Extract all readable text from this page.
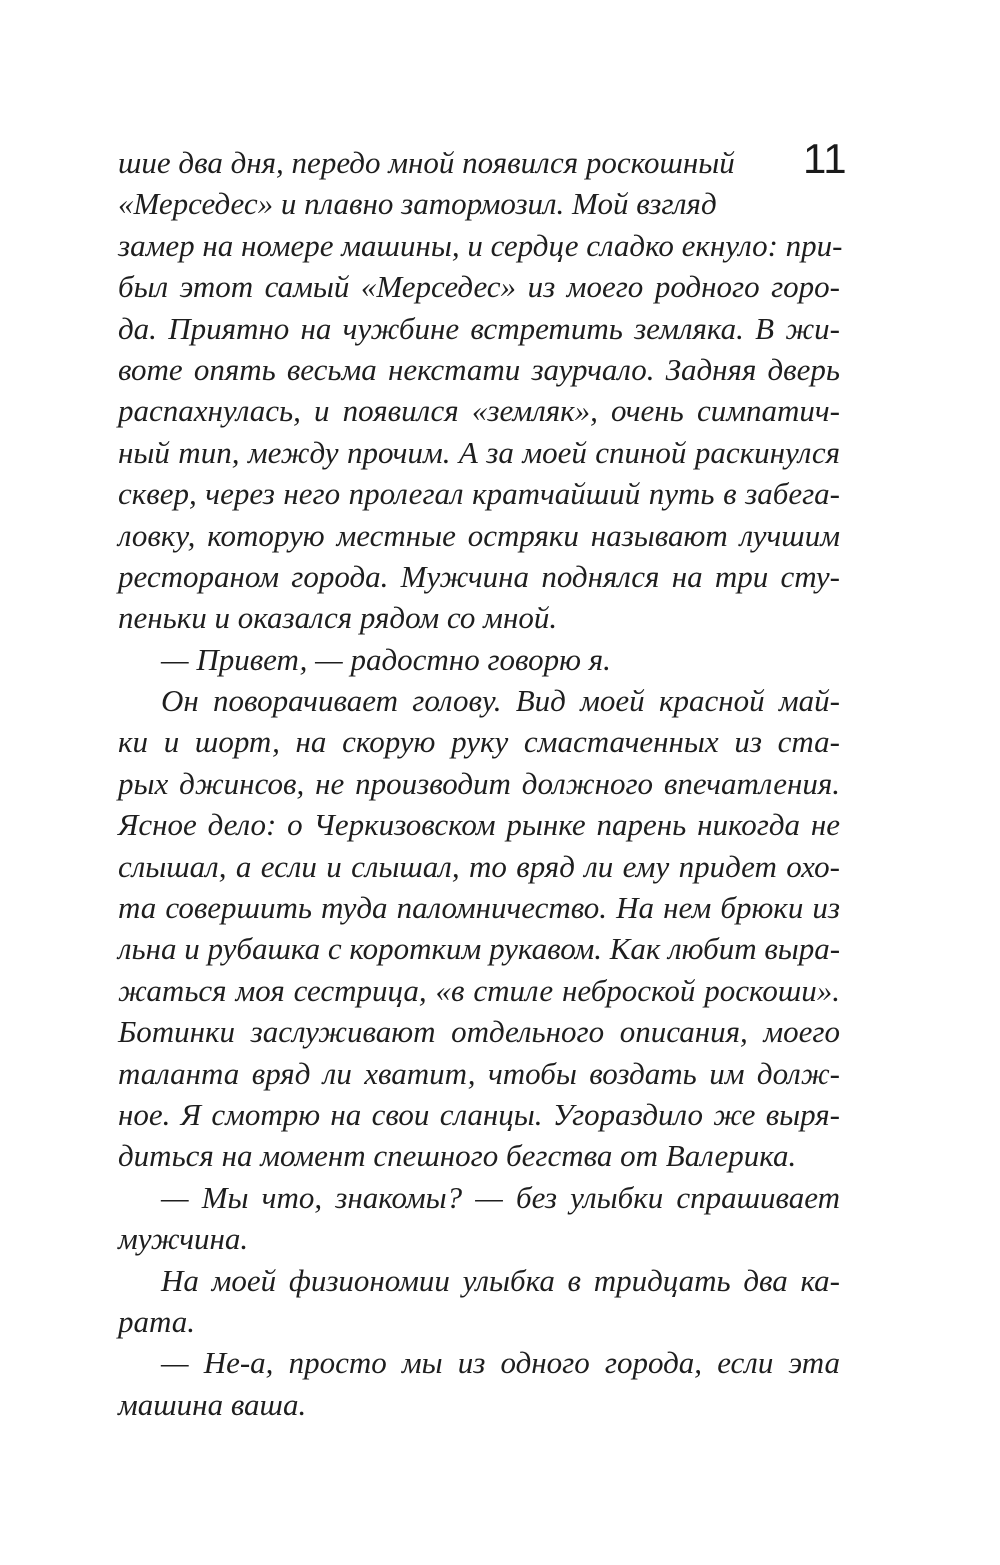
11
шие два дня, передо мной появился роскошный
«Мерседес» и плавно затормозил. Мой взгляд
замер на номере машины, и сердце сладко екнуло: при-
был этот самый «Мерседес» из моего родного горо-
да. Приятно на чужбине встретить земляка. В жи-
воте опять весьма некстати заурчало. Задняя дверь
распахнулась, и появился «земляк», очень симпатич-
ный тип, между прочим. А за моей спиной раскинулся
сквер, через него пролегал кратчайший путь в забега-
ловку, которую местные остряки называют лучшим
рестораном города. Мужчина поднялся на три сту-
пеньки и оказался рядом со мной.
— Привет, — радостно говорю я.
Он поворачивает голову. Вид моей красной май-
ки и шорт, на скорую руку смастаченных из ста-
рых джинсов, не производит должного впечатления.
Ясное дело: о Черкизовском рынке парень никогда не
слышал, а если и слышал, то вряд ли ему придет охо-
та совершить туда паломничество. На нем брюки из
льна и рубашка с коротким рукавом. Как любит выра-
жаться моя сестрица, «в стиле неброской роскоши».
Ботинки заслуживают отдельного описания, моего
таланта вряд ли хватит, чтобы воздать им долж-
ное. Я смотрю на свои сланцы. Угораздило же выря-
диться на момент спешного бегства от Валерика.
— Мы что, знакомы? — без улыбки спрашивает
мужчина.
На моей физиономии улыбка в тридцать два ка-
рата.
— Не-а, просто мы из одного города, если эта
машина ваша.
